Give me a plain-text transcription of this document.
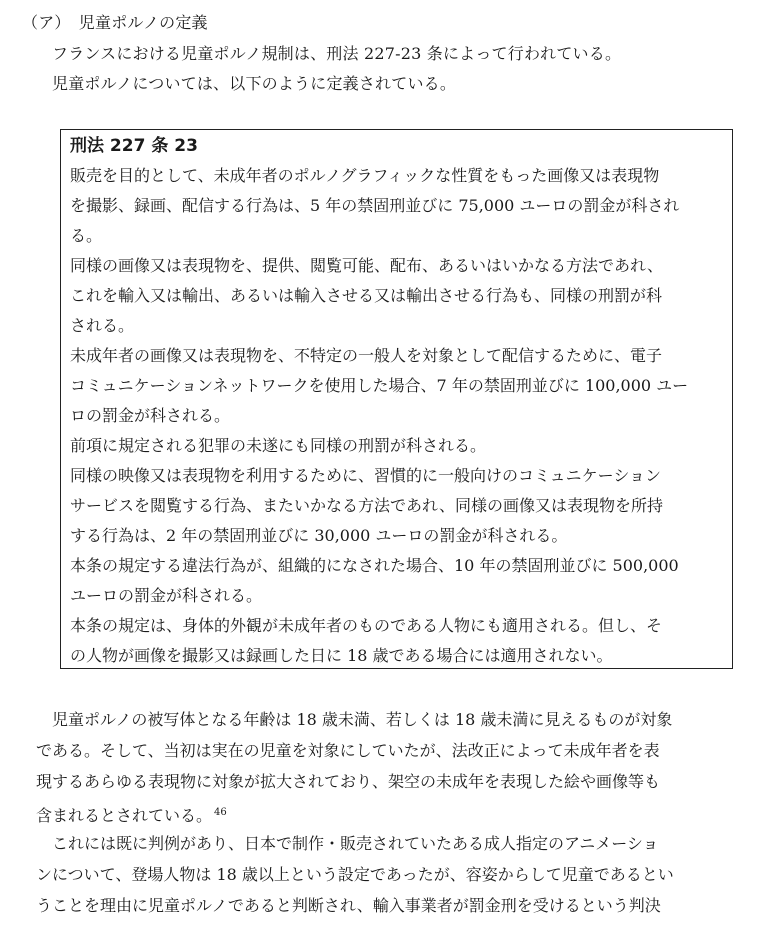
（ア）　児童ポルノの定義
フランスにおける児童ポルノ規制は、刑法 227-23 条によって行われている。
児童ポルノについては、以下のように定義されている。
刑法 227 条 23
販売を目的として、未成年者のポルノグラフィックな性質をもった画像又は表現物
を撮影、録画、配信する行為は、5 年の禁固刑並びに 75,000 ユーロの罰金が科され
る。
同様の画像又は表現物を、提供、閲覧可能、配布、あるいはいかなる方法であれ、
これを輸入又は輸出、あるいは輸入させる又は輸出させる行為も、同様の刑罰が科
される。
未成年者の画像又は表現物を、不特定の一般人を対象として配信するために、電子
コミュニケーションネットワークを使用した場合、7 年の禁固刑並びに 100,000 ユー
ロの罰金が科される。
前項に規定される犯罪の未遂にも同様の刑罰が科される。
同様の映像又は表現物を利用するために、習慣的に一般向けのコミュニケーション
サービスを閲覧する行為、またいかなる方法であれ、同様の画像又は表現物を所持
する行為は、2 年の禁固刑並びに 30,000 ユーロの罰金が科される。
本条の規定する違法行為が、組織的になされた場合、10 年の禁固刑並びに 500,000
ユーロの罰金が科される。
本条の規定は、身体的外観が未成年者のものである人物にも適用される。但し、そ
の人物が画像を撮影又は録画した日に 18 歳である場合には適用されない。
　児童ポルノの被写体となる年齢は 18 歳未満、若しくは 18 歳未満に見えるものが対象
である。そして、当初は実在の児童を対象にしていたが、法改正によって未成年者を表
現するあらゆる表現物に対象が拡大されており、架空の未成年を表現した絵や画像等も
含まれるとされている。 $^{46}$
　これには既に判例があり、日本で制作・販売されていたある成人指定のアニメーショ
ンについて、登場人物は 18 歳以上という設定であったが、容姿からして児童であるとい
うことを理由に児童ポルノであると判断され、輸入事業者が罰金刑を受けるという判決
